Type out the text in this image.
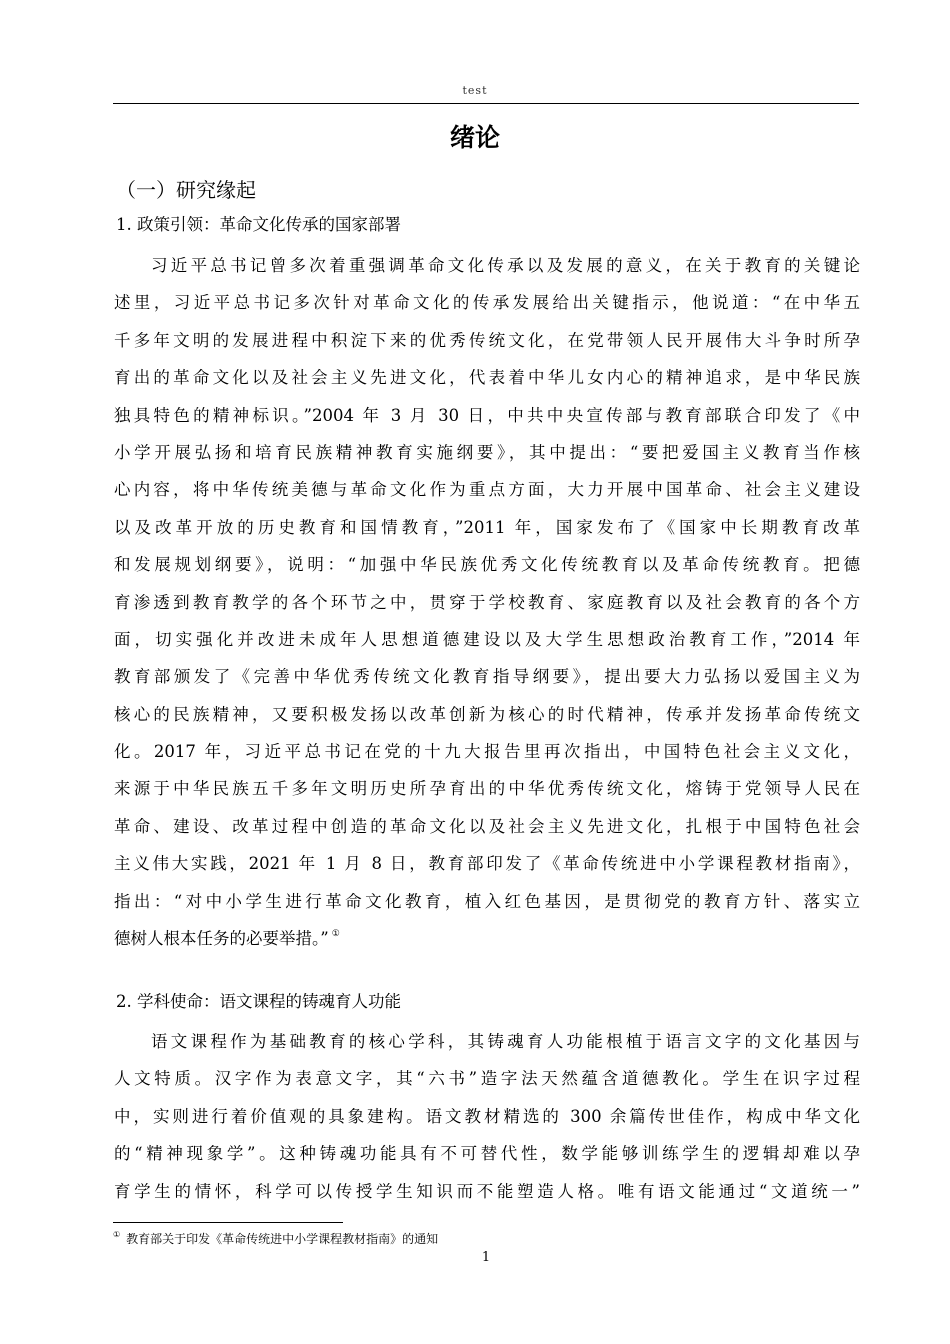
test
绪论
（一）研究缘起
1. 政策引领：革命文化传承的国家部署
习近平总书记曾多次着重强调革命文化传承以及发展的意义，在关于教育的关键论
述里，习近平总书记多次针对革命文化的传承发展给出关键指示，他说道：“在中华五
千多年文明的发展进程中积淀下来的优秀传统文化，在党带领人民开展伟大斗争时所孕
育出的革命文化以及社会主义先进文化，代表着中华儿女内心的精神追求，是中华民族
独具特色的精神标识。”2004 年 3 月 30 日，中共中央宣传部与教育部联合印发了《中
小学开展弘扬和培育民族精神教育实施纲要》，其中提出：“要把爱国主义教育当作核
心内容，将中华传统美德与革命文化作为重点方面，大力开展中国革命、社会主义建设
以及改革开放的历史教育和国情教育，”2011 年，国家发布了《国家中长期教育改革
和发展规划纲要》，说明：“加强中华民族优秀文化传统教育以及革命传统教育。把德
育渗透到教育教学的各个环节之中，贯穿于学校教育、家庭教育以及社会教育的各个方
面，切实强化并改进未成年人思想道德建设以及大学生思想政治教育工作，”2014 年
教育部颁发了《完善中华优秀传统文化教育指导纲要》，提出要大力弘扬以爱国主义为
核心的民族精神，又要积极发扬以改革创新为核心的时代精神，传承并发扬革命传统文
化。2017 年，习近平总书记在党的十九大报告里再次指出，中国特色社会主义文化，
来源于中华民族五千多年文明历史所孕育出的中华优秀传统文化，熔铸于党领导人民在
革命、建设、改革过程中创造的革命文化以及社会主义先进文化，扎根于中国特色社会
主义伟大实践，2021 年 1 月 8 日，教育部印发了《革命传统进中小学课程教材指南》，
指出：“对中小学生进行革命文化教育，植入红色基因，是贯彻党的教育方针、落实立
德树人根本任务的必要举措。” ①
2. 学科使命：语文课程的铸魂育人功能
语文课程作为基础教育的核心学科，其铸魂育人功能根植于语言文字的文化基因与
人文特质。汉字作为表意文字，其“六书”造字法天然蕴含道德教化。学生在识字过程
中，实则进行着价值观的具象建构。语文教材精选的 300 余篇传世佳作，构成中华文化
的“精神现象学”。这种铸魂功能具有不可替代性，数学能够训练学生的逻辑却难以孕
育学生的情怀，科学可以传授学生知识而不能塑造人格。唯有语文能通过“文道统一”
① 教育部关于印发《革命传统进中小学课程教材指南》的通知
1
